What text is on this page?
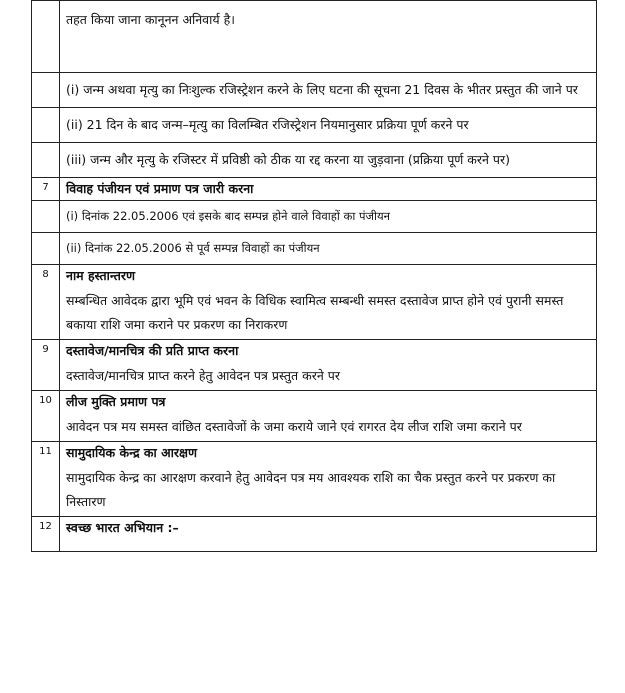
	तहत किया जाना कानूनन अनिवार्य है।

	(i) जन्म अथवा मृत्यु का निःशुल्क रजिस्ट्रेशन करने के लिए घटना की सूचना 21 दिवस के भीतर प्रस्तुत की जाने पर

	(ii) 21 दिन के बाद जन्म–मृत्यु का विलम्बित रजिस्ट्रेशन नियमानुसार प्रक्रिया पूर्ण करने पर

	(iii) जन्म और मृत्यु के रजिस्टर में प्रविष्ठी को ठीक या रद्द करना या जुड़वाना (प्रक्रिया पूर्ण करने पर)

7	विवाह पंजीयन एवं प्रमाण पत्र जारी करना

	(i) दिनांक 22.05.2006 एवं इसके बाद सम्पन्न होने वाले विवाहों का पंजीयन

	(ii) दिनांक 22.05.2006 से पूर्व सम्पन्न विवाहों का पंजीयन

8	नाम हस्तान्तरण
सम्बन्धित आवेदक द्वारा भूमि एवं भवन के विधिक स्वामित्व सम्बन्धी समस्त दस्तावेज प्राप्त होने एवं पुरानी समस्त बकाया राशि जमा कराने पर प्रकरण का निराकरण

9	दस्तावेज/मानचित्र की प्रति प्राप्त करना
दस्तावेज/मानचित्र प्राप्त करने हेतु आवेदन पत्र प्रस्तुत करने पर

10	लीज मुक्ति प्रमाण पत्र
आवेदन पत्र मय समस्त वांछित दस्तावेजों के जमा कराये जाने एवं रागरत देय लीज राशि जमा कराने पर

11	सामुदायिक केन्द्र का आरक्षण
सामुदायिक केन्द्र का आरक्षण करवाने हेतु आवेदन पत्र मय आवश्यक राशि का चैक प्रस्तुत करने पर प्रकरण का निस्तारण

12	स्वच्छ भारत अभियान :–
